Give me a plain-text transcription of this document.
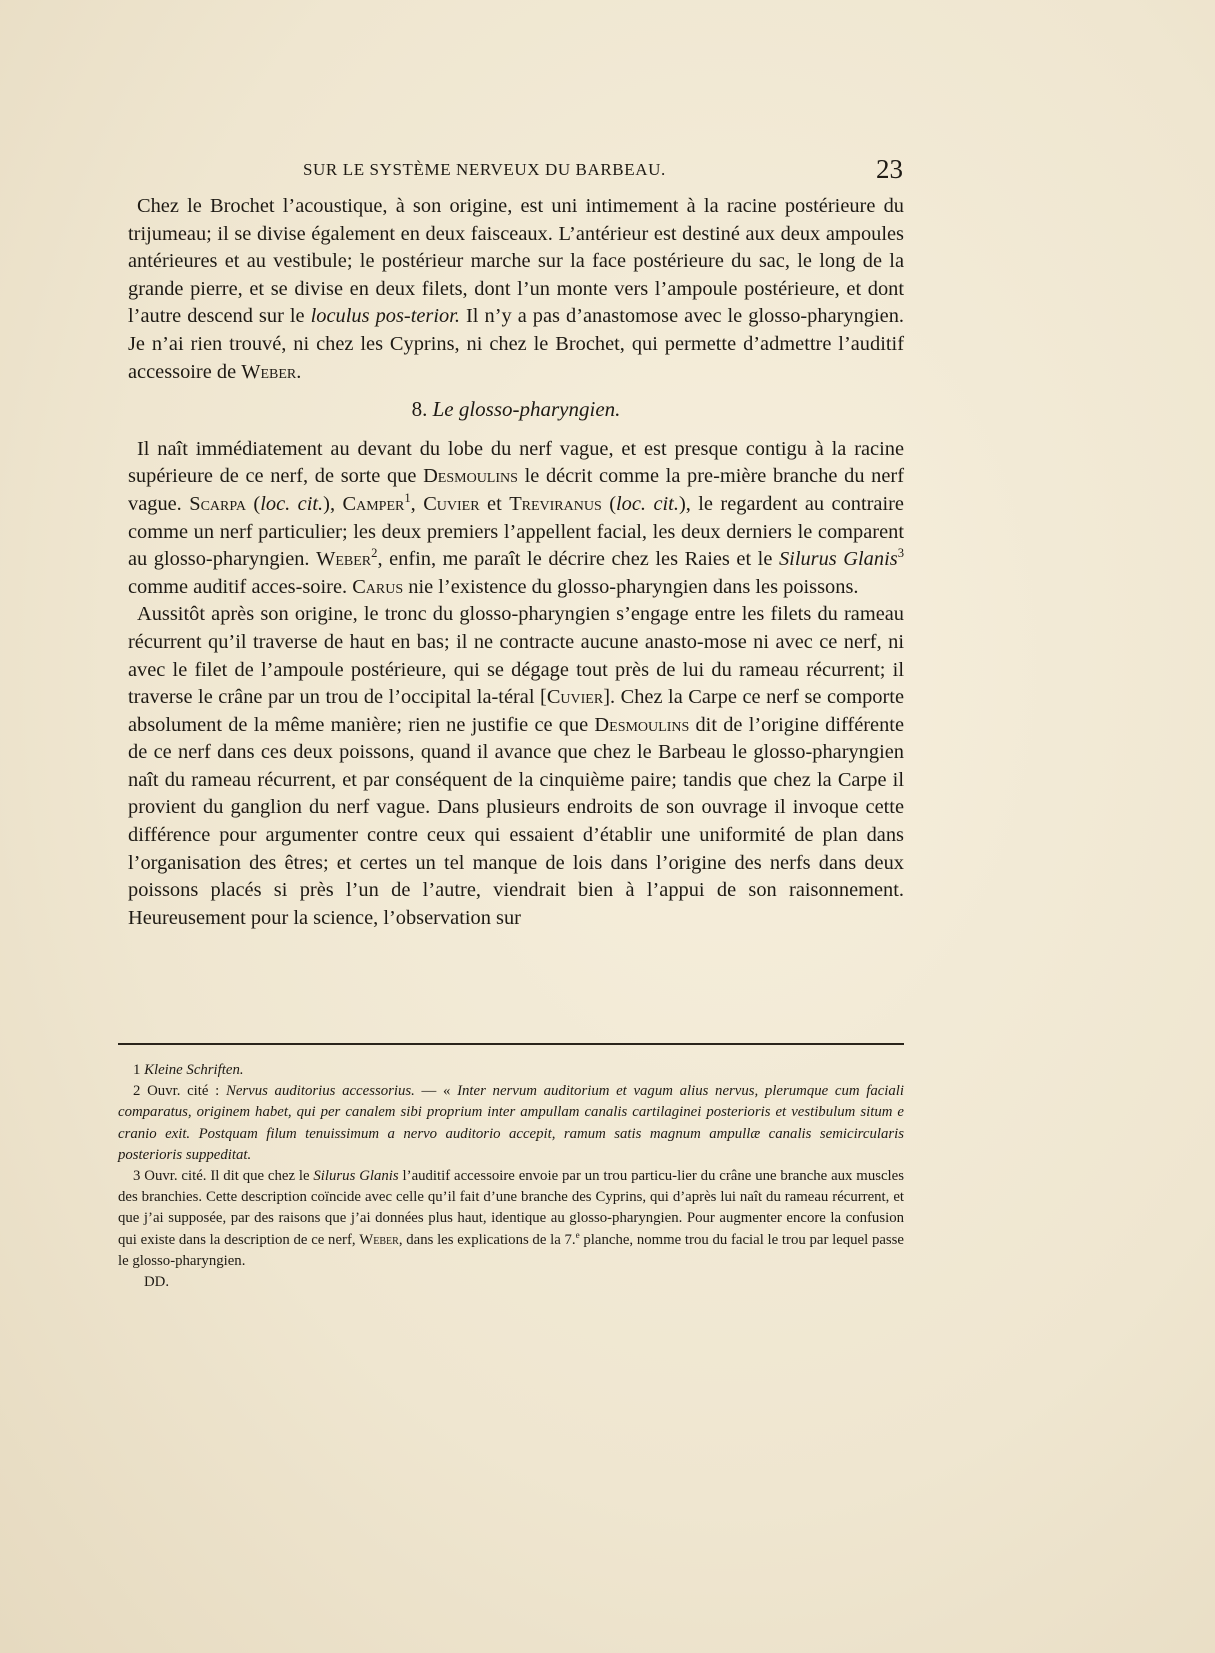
SUR LE SYSTÈME NERVEUX DU BARBEAU.	23

Chez le Brochet l’acoustique, à son origine, est uni intimement à la racine postérieure du trijumeau; il se divise également en deux faisceaux. L’antérieur est destiné aux deux ampoules antérieures et au vestibule; le postérieur marche sur la face postérieure du sac, le long de la grande pierre, et se divise en deux filets, dont l’un monte vers l’ampoule postérieure, et dont l’autre descend sur le loculus pos-terior. Il n’y a pas d’anastomose avec le glosso-pharyngien. Je n’ai rien trouvé, ni chez les Cyprins, ni chez le Brochet, qui permette d’admettre l’auditif accessoire de Weber.

8. Le glosso-pharyngien.

Il naît immédiatement au devant du lobe du nerf vague, et est presque contigu à la racine supérieure de ce nerf, de sorte que Desmoulins le décrit comme la pre-mière branche du nerf vague. Scarpa (loc. cit.), Camper$^1$, Cuvier et Treviranus (loc. cit.), le regardent au contraire comme un nerf particulier; les deux premiers l’appellent facial, les deux derniers le comparent au glosso-pharyngien. Weber$^2$, enfin, me paraît le décrire chez les Raies et le Silurus Glanis$^3$ comme auditif acces-soire. Carus nie l’existence du glosso-pharyngien dans les poissons.

Aussitôt après son origine, le tronc du glosso-pharyngien s’engage entre les filets du rameau récurrent qu’il traverse de haut en bas; il ne contracte aucune anasto-mose ni avec ce nerf, ni avec le filet de l’ampoule postérieure, qui se dégage tout près de lui du rameau récurrent; il traverse le crâne par un trou de l’occipital la-téral [Cuvier]. Chez la Carpe ce nerf se comporte absolument de la même manière; rien ne justifie ce que Desmoulins dit de l’origine différente de ce nerf dans ces deux poissons, quand il avance que chez le Barbeau le glosso-pharyngien naît du rameau récurrent, et par conséquent de la cinquième paire; tandis que chez la Carpe il provient du ganglion du nerf vague. Dans plusieurs endroits de son ouvrage il invoque cette différence pour argumenter contre ceux qui essaient d’établir une uniformité de plan dans l’organisation des êtres; et certes un tel manque de lois dans l’origine des nerfs dans deux poissons placés si près l’un de l’autre, viendrait bien à l’appui de son raisonnement. Heureusement pour la science, l’observation sur

1 Kleine Schriften.

2 Ouvr. cité : Nervus auditorius accessorius. — « Inter nervum auditorium et vagum alius nervus, plerumque cum faciali comparatus, originem habet, qui per canalem sibi proprium inter ampullam canalis cartilaginei posterioris et vestibulum situm e cranio exit. Postquam filum tenuissimum a nervo auditorio accepit, ramum satis magnum ampullæ canalis semicircularis posterioris suppeditat.

3 Ouvr. cité. Il dit que chez le Silurus Glanis l’auditif accessoire envoie par un trou particu-lier du crâne une branche aux muscles des branchies. Cette description coïncide avec celle qu’il fait d’une branche des Cyprins, qui d’après lui naît du rameau récurrent, et que j’ai supposée, par des raisons que j’ai données plus haut, identique au glosso-pharyngien. Pour augmenter encore la confusion qui existe dans la description de ce nerf, Weber, dans les explications de la 7.$^e$ planche, nomme trou du facial le trou par lequel passe le glosso-pharyngien.

DD.
